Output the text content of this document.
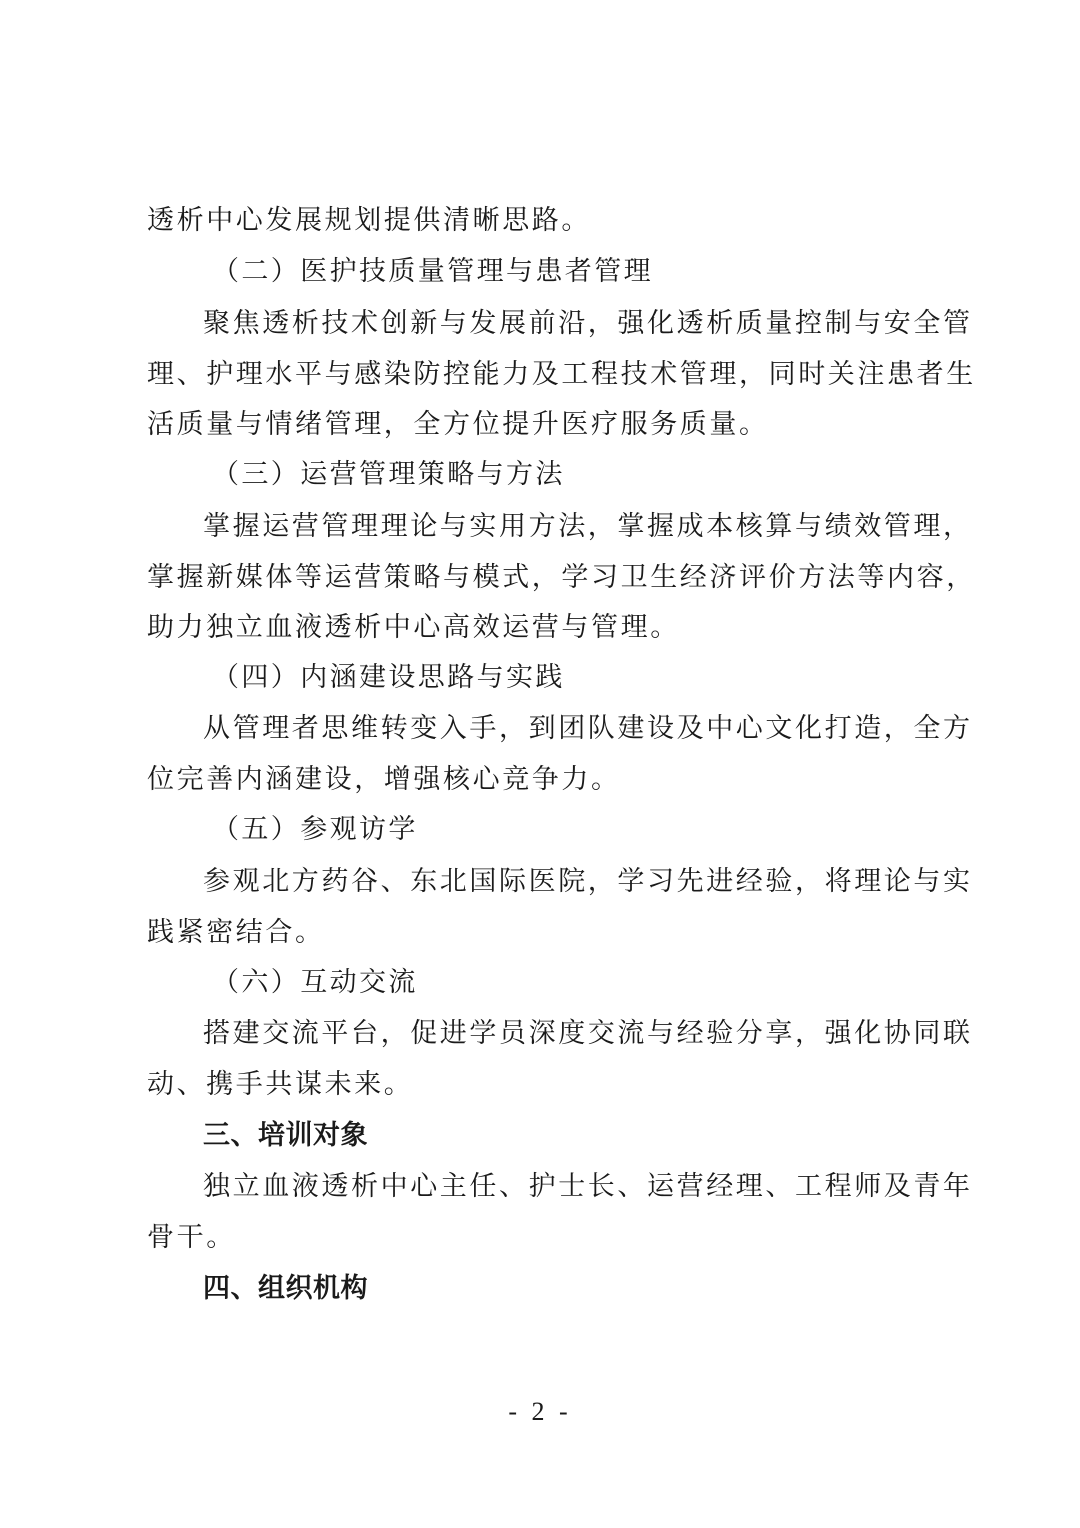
透析中心发展规划提供清晰思路。
（二）医护技质量管理与患者管理
聚焦透析技术创新与发展前沿，强化透析质量控制与安全管
理、护理水平与感染防控能力及工程技术管理，同时关注患者生
活质量与情绪管理，全方位提升医疗服务质量。
（三）运营管理策略与方法
掌握运营管理理论与实用方法，掌握成本核算与绩效管理，
掌握新媒体等运营策略与模式，学习卫生经济评价方法等内容，
助力独立血液透析中心高效运营与管理。
（四）内涵建设思路与实践
从管理者思维转变入手，到团队建设及中心文化打造，全方
位完善内涵建设，增强核心竞争力。
（五）参观访学
参观北方药谷、东北国际医院，学习先进经验，将理论与实
践紧密结合。
（六）互动交流
搭建交流平台，促进学员深度交流与经验分享，强化协同联
动、携手共谋未来。
三、培训对象
独立血液透析中心主任、护士长、运营经理、工程师及青年
骨干。
四、组织机构
- 2 -
